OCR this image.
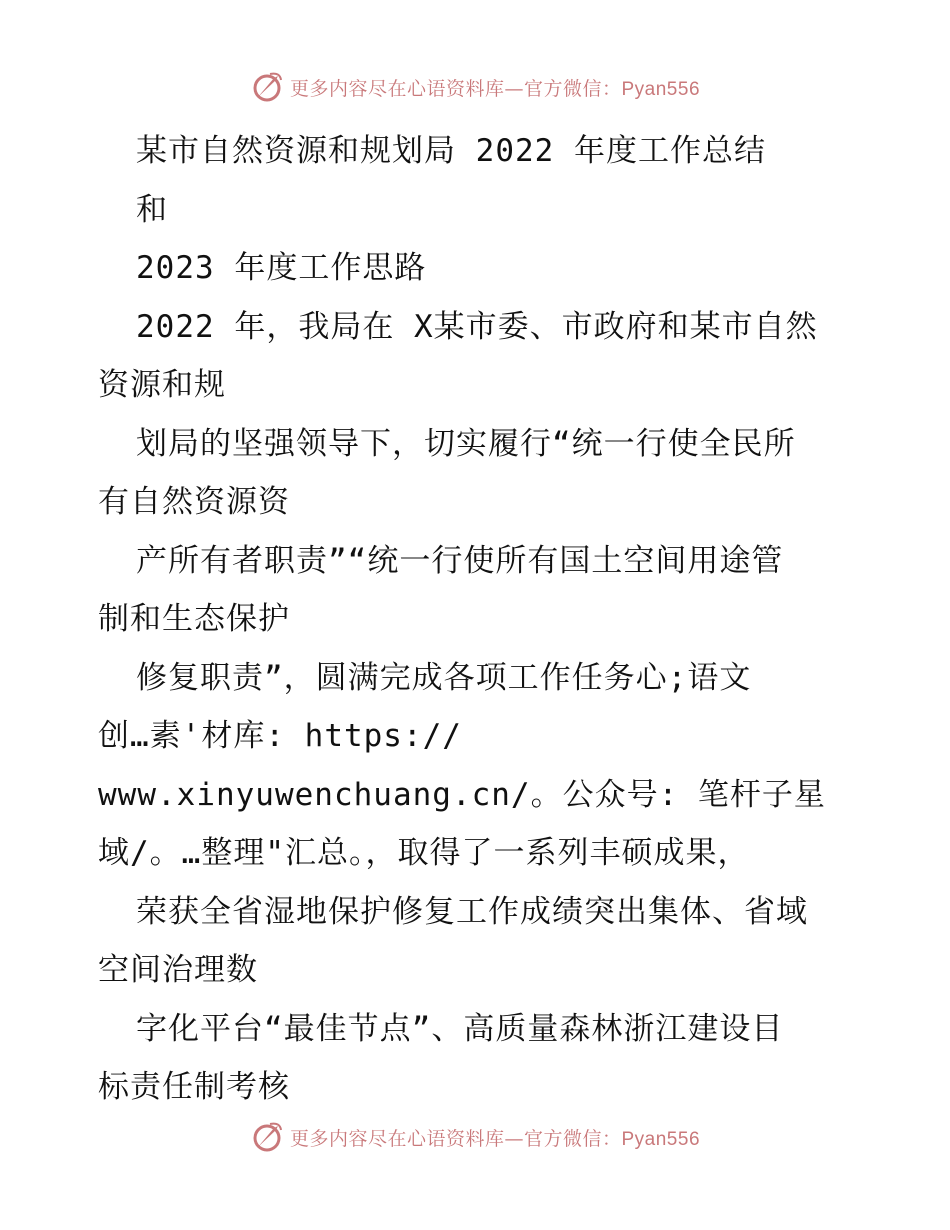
更多内容尽在心语资料库—官方微信：Pyan556
某市自然资源和规划局 2022 年度工作总结
和
2023 年度工作思路
2022 年，我局在 X某市委、市政府和某市自然
资源和规
划局的坚强领导下，切实履行“统一行使全民所
有自然资源资
产所有者职责”“统一行使所有国土空间用途管
制和生态保护
修复职责”，圆满完成各项工作任务心;语文
创…素'材库: https://
www.xinyuwenchuang.cn/。公众号: 笔杆子星
域/。…整理"汇总。，取得了一系列丰硕成果，
荣获全省湿地保护修复工作成绩突出集体、省域
空间治理数
字化平台“最佳节点”、高质量森林浙江建设目
标责任制考核
更多内容尽在心语资料库—官方微信：Pyan556
